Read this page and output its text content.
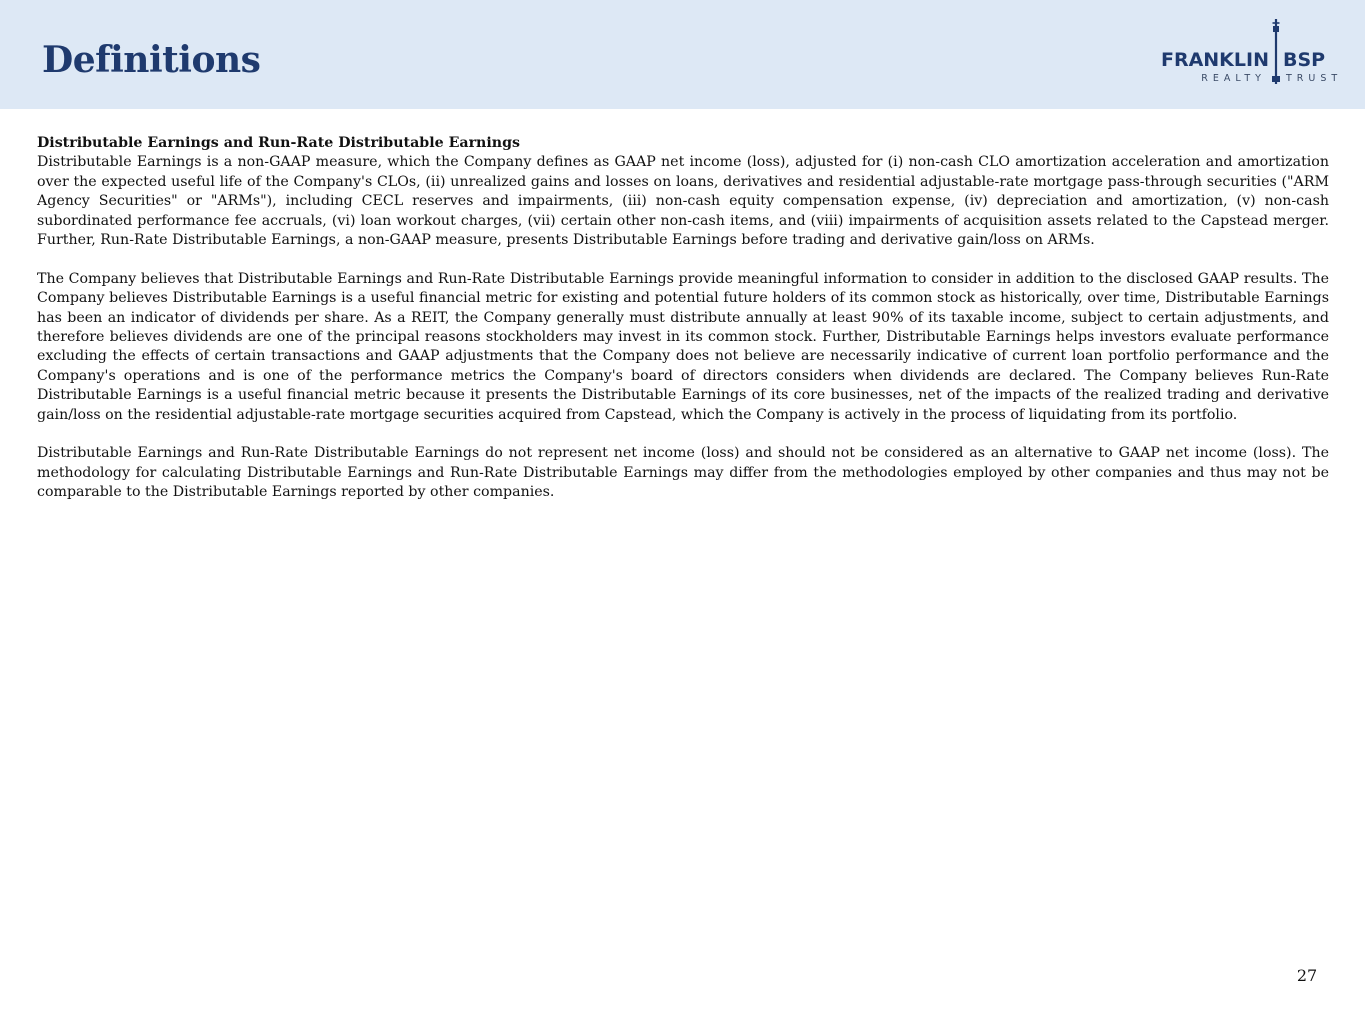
Definitions	FRANKLIN BSP
REALTY TRUST

Distributable Earnings and Run-Rate Distributable Earnings

Distributable Earnings is a non-GAAP measure, which the Company defines as GAAP net income (loss), adjusted for (i) non-cash CLO amortization acceleration and amortization over the expected useful life of the Company's CLOs, (ii) unrealized gains and losses on loans, derivatives and residential adjustable-rate mortgage pass-through securities ("ARM Agency Securities" or "ARMs"), including CECL reserves and impairments, (iii) non-cash equity compensation expense, (iv) depreciation and amortization, (v) non-cash subordinated performance fee accruals, (vi) loan workout charges, (vii) certain other non-cash items, and (viii) impairments of acquisition assets related to the Capstead merger. Further, Run-Rate Distributable Earnings, a non-GAAP measure, presents Distributable Earnings before trading and derivative gain/loss on ARMs.

The Company believes that Distributable Earnings and Run-Rate Distributable Earnings provide meaningful information to consider in addition to the disclosed GAAP results. The Company believes Distributable Earnings is a useful financial metric for existing and potential future holders of its common stock as historically, over time, Distributable Earnings has been an indicator of dividends per share. As a REIT, the Company generally must distribute annually at least 90% of its taxable income, subject to certain adjustments, and therefore believes dividends are one of the principal reasons stockholders may invest in its common stock. Further, Distributable Earnings helps investors evaluate performance excluding the effects of certain transactions and GAAP adjustments that the Company does not believe are necessarily indicative of current loan portfolio performance and the Company's operations and is one of the performance metrics the Company's board of directors considers when dividends are declared. The Company believes Run-Rate Distributable Earnings is a useful financial metric because it presents the Distributable Earnings of its core businesses, net of the impacts of the realized trading and derivative gain/loss on the residential adjustable-rate mortgage securities acquired from Capstead, which the Company is actively in the process of liquidating from its portfolio.

Distributable Earnings and Run-Rate Distributable Earnings do not represent net income (loss) and should not be considered as an alternative to GAAP net income (loss). The methodology for calculating Distributable Earnings and Run-Rate Distributable Earnings may differ from the methodologies employed by other companies and thus may not be comparable to the Distributable Earnings reported by other companies.

27
